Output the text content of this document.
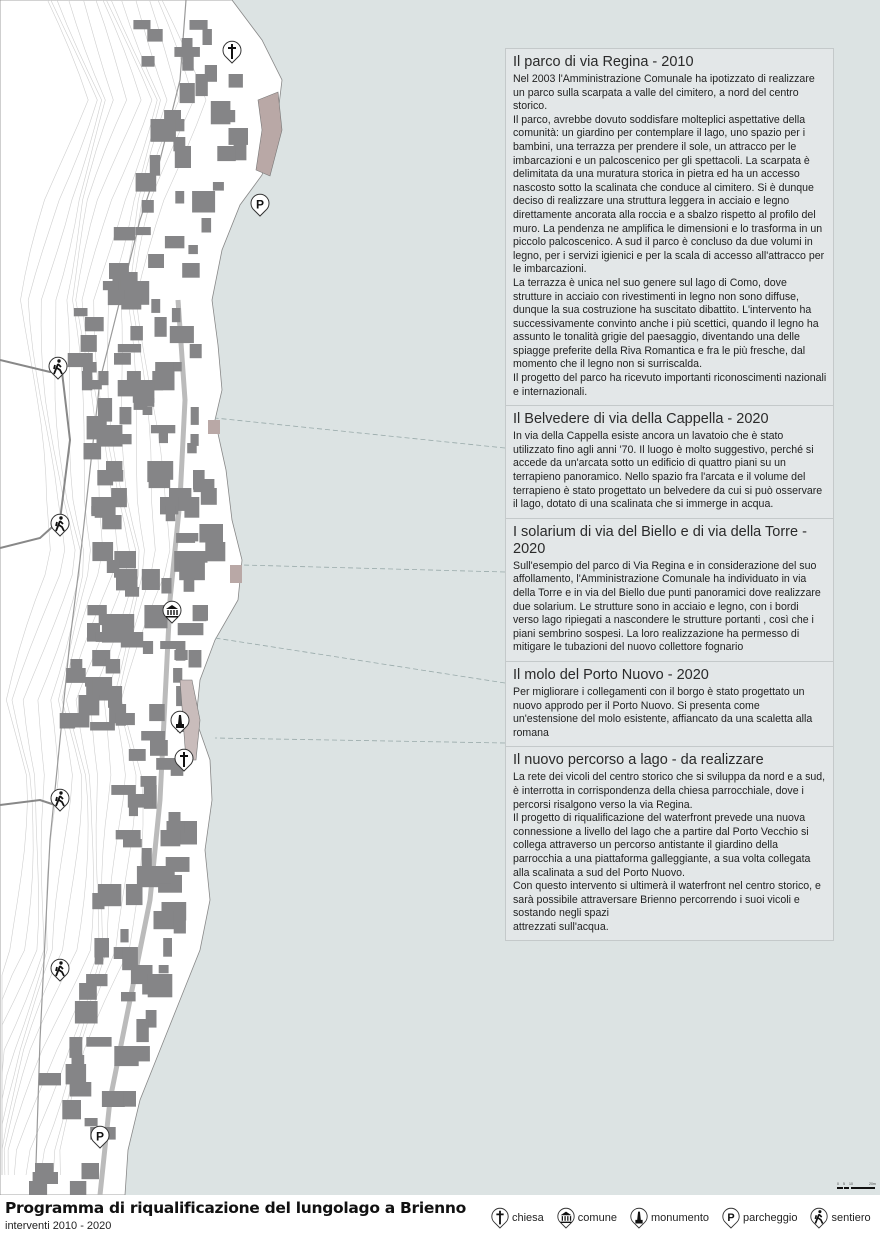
Il parco di via Regina - 2010

Nel 2003 l'Amministrazione Comunale ha ipotizzato di realizzare un parco sulla scarpata a valle del cimitero, a nord del centro storico.
Il parco, avrebbe dovuto soddisfare molteplici aspettative della comunità: un giardino per contemplare il lago, uno spazio per i bambini, una terrazza per prendere il sole, un attracco per le imbarcazioni e un palcoscenico per gli spettacoli. La scarpata è delimitata da una muratura storica in pietra ed ha un accesso nascosto sotto la scalinata che conduce al cimitero. Si è dunque deciso di realizzare una struttura leggera in acciaio e legno direttamente ancorata alla roccia e a sbalzo rispetto al profilo del muro. La pendenza ne amplifica le dimensioni e lo trasforma in un piccolo palcoscenico. A sud il parco è concluso da due volumi in legno, per i servizi igienici e per la scala di accesso all'attracco per le imbarcazioni.
La terrazza è unica nel suo genere sul lago di Como, dove strutture in acciaio con rivestimenti in legno non sono diffuse, dunque la sua costruzione ha suscitato dibattito. L'intervento ha successivamente convinto anche i più scettici, quando il legno ha assunto le tonalità grigie del paesaggio, diventando una delle spiagge preferite della Riva Romantica e fra le più fresche, dal momento che il legno non si surriscalda.
Il progetto del parco ha ricevuto importanti riconoscimenti nazionali e internazionali.

Il Belvedere di via della Cappella - 2020

In via della Cappella esiste ancora un lavatoio che è stato utilizzato fino agli anni '70. Il luogo è molto suggestivo, perché si accede da un'arcata sotto un edificio di quattro piani su un terrapieno panoramico. Nello spazio fra l'arcata e il volume del terrapieno è stato progettato un belvedere da cui si può osservare il lago, dotato di una scalinata che si immerge in acqua.

I solarium di via del Biello e di via della Torre - 2020

Sull'esempio del parco di Via Regina e in considerazione del suo affollamento, l'Amministrazione Comunale ha individuato in via della Torre e in via del Biello due punti panoramici dove realizzare due solarium. Le strutture sono in acciaio e legno, con i bordi verso lago ripiegati a nascondere le strutture portanti , così che i piani sembrino sospesi. La loro realizzazione ha permesso di mitigare le tubazioni del nuovo collettore fognario

Il molo del Porto Nuovo - 2020

Per migliorare i collegamenti con il borgo è stato progettato un nuovo approdo per il Porto Nuovo. Si presenta come un'estensione del molo esistente, affiancato da una scaletta alla romana

Il nuovo percorso a lago - da realizzare

La rete dei vicoli del centro storico che si sviluppa da nord e a sud, è interrotta in corrispondenza della chiesa parrocchiale, dove i percorsi risalgono verso la via Regina.
Il progetto di riqualificazione del waterfront prevede una nuova connessione a livello del lago che a partire dal Porto Vecchio si collega attraverso un percorso antistante il giardino della parrocchia a una piattaforma galleggiante, a sua volta collegata alla scalinata a sud del Porto Nuovo.
Con questo intervento si ultimerà il waterfront nel centro storico, e sarà possibile attraversare Brienno percorrendo i suoi vicoli e sostando negli spazi
attrezzati sull'acqua.

0 5 10	20m
Programma di riqualificazione del lungolago a Brienno
interventi 2010 - 2020
chiesa	comune	monumento	parcheggio	sentiero
